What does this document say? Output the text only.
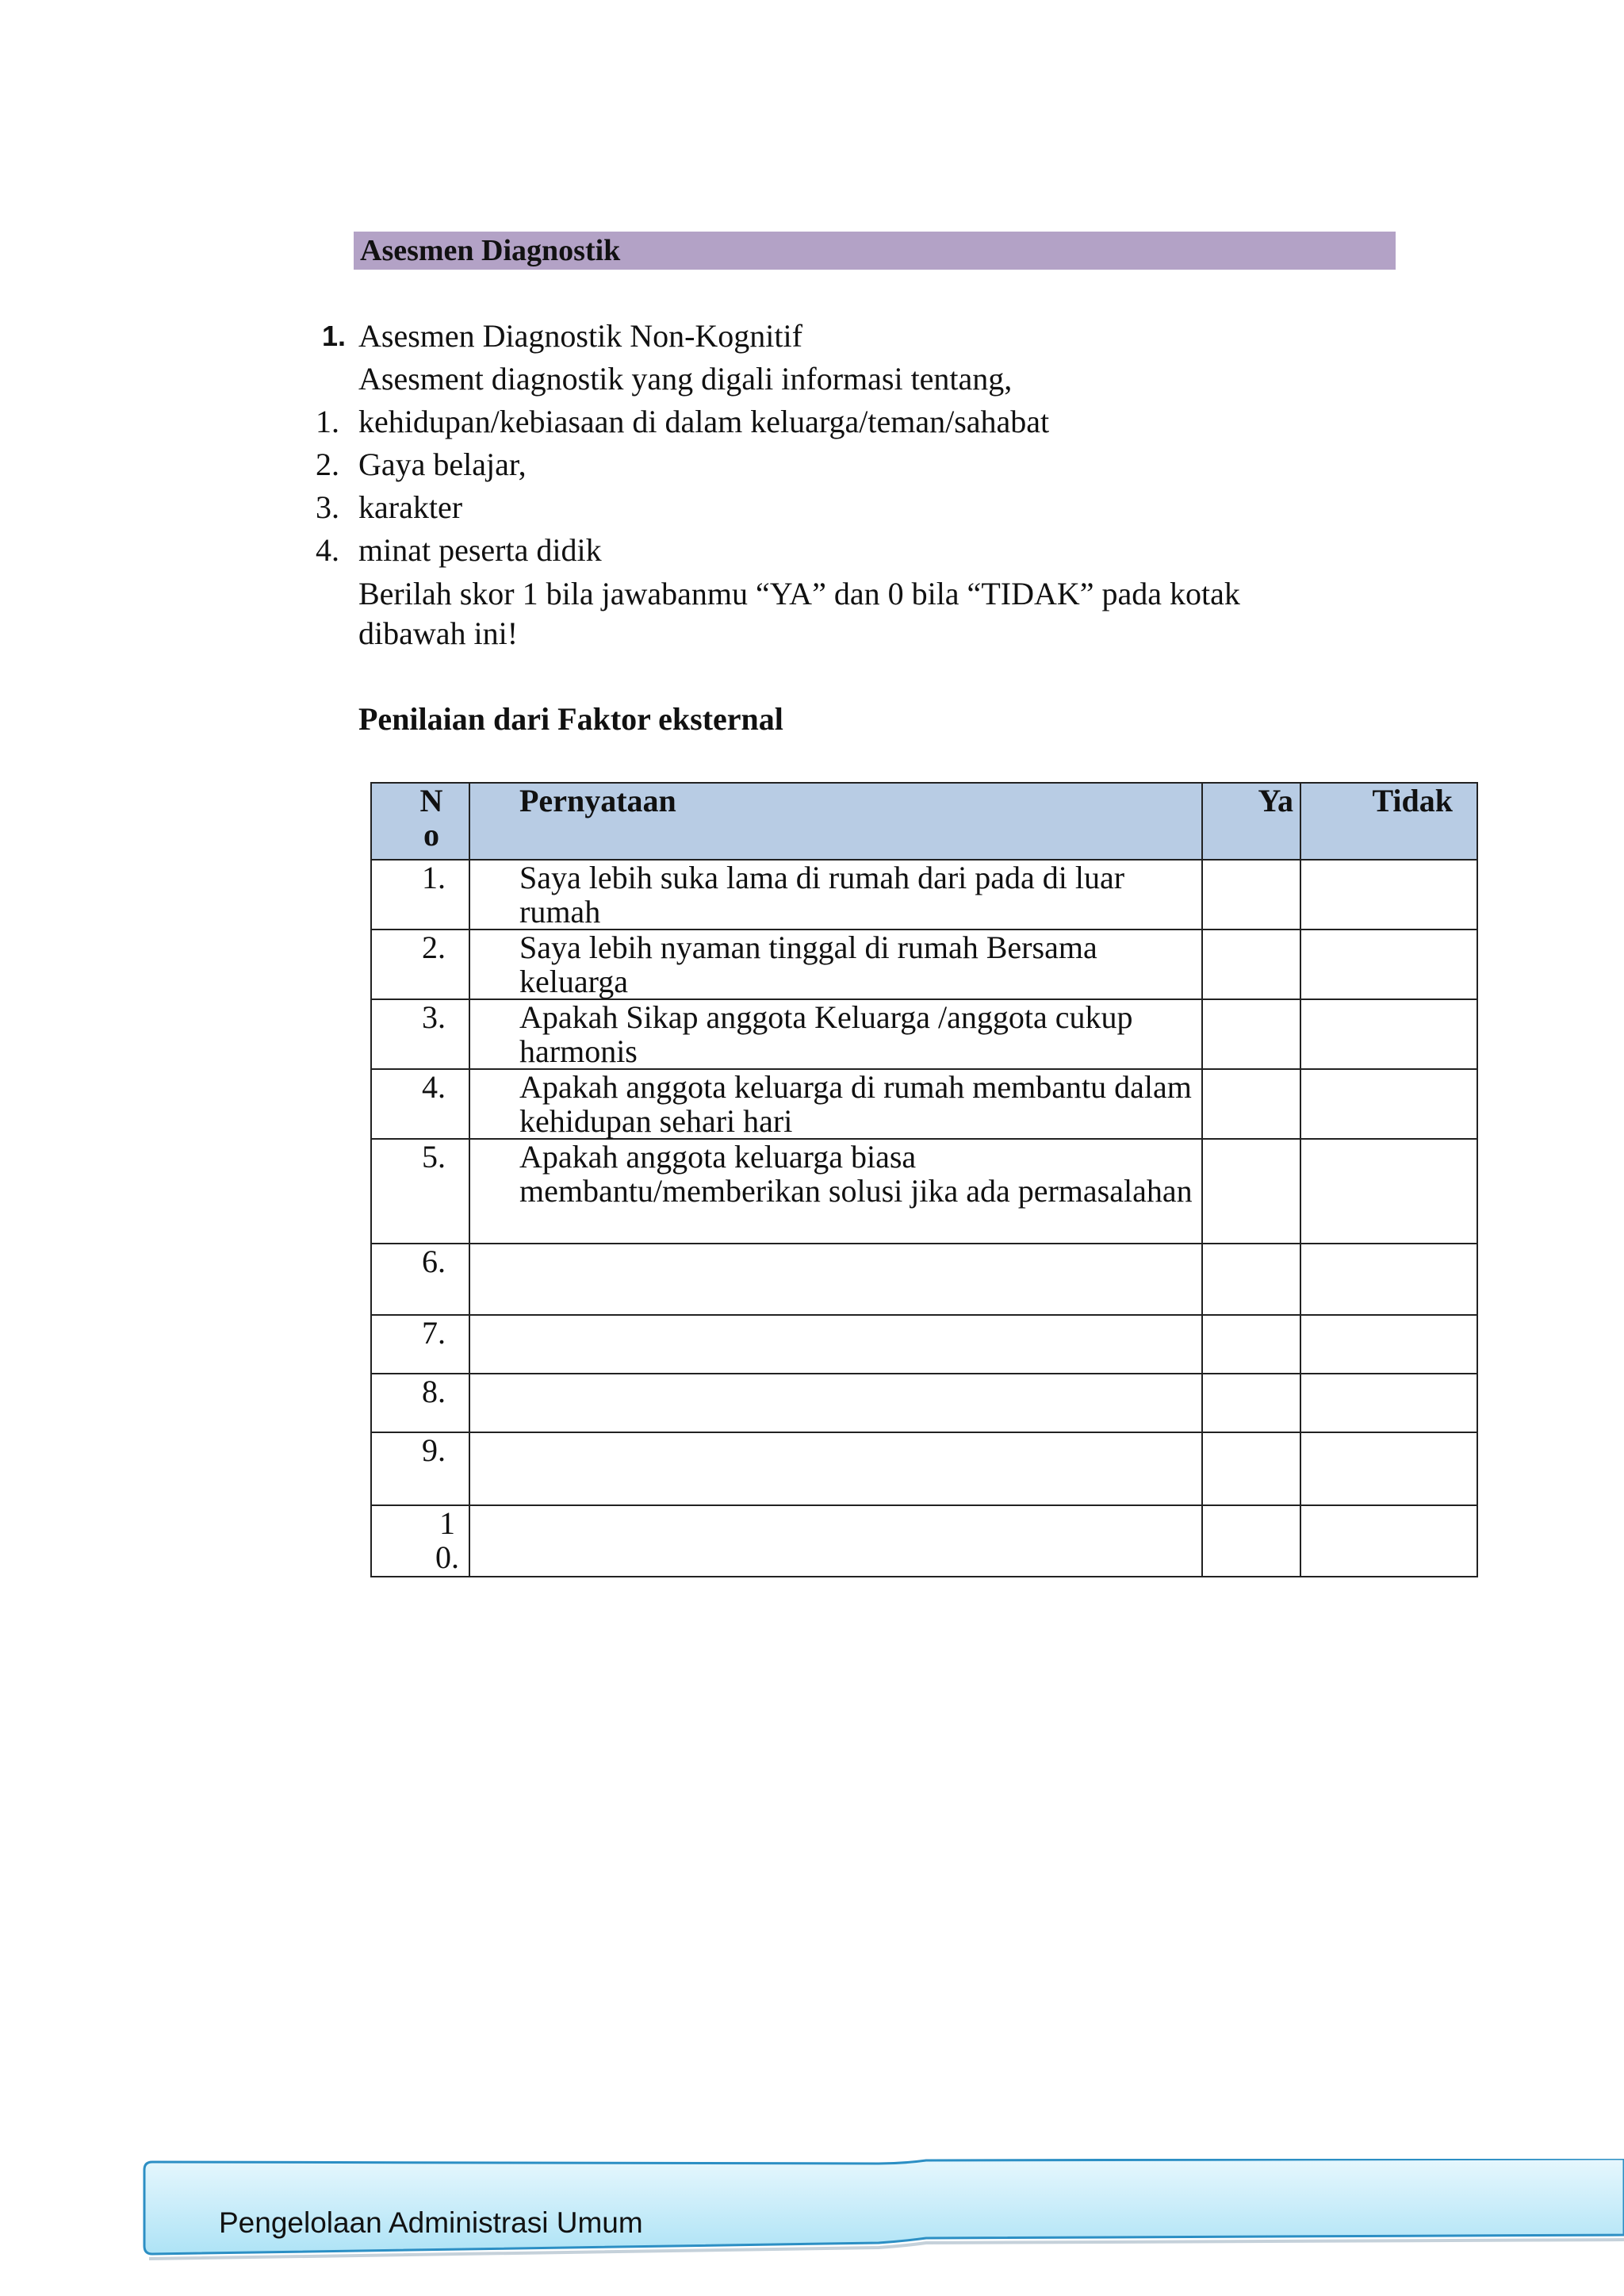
Asesmen Diagnostik
1. Asesmen Diagnostik Non-Kognitif
Asesment diagnostik yang digali informasi tentang,
1. kehidupan/kebiasaan di dalam keluarga/teman/sahabat
2. Gaya belajar,
3. karakter
4. minat peserta didik
Berilah skor 1 bila jawabanmu “YA” dan 0 bila “TIDAK” pada kotak
dibawah ini!
Penilaian dari Faktor eksternal
No	Pernyataan	Ya	Tidak
1.	Saya lebih suka lama di rumah dari pada di luar rumah		
2.	Saya lebih nyaman tinggal di rumah Bersama keluarga		
3.	Apakah Sikap anggota Keluarga /anggota cukup harmonis		
4.	Apakah anggota keluarga di rumah membantu dalam kehidupan sehari hari		
5.	Apakah anggota keluarga biasa membantu/memberikan solusi jika ada permasalahan		
6.			
7.			
8.			
9.			
10.			
Pengelolaan Administrasi Umum
